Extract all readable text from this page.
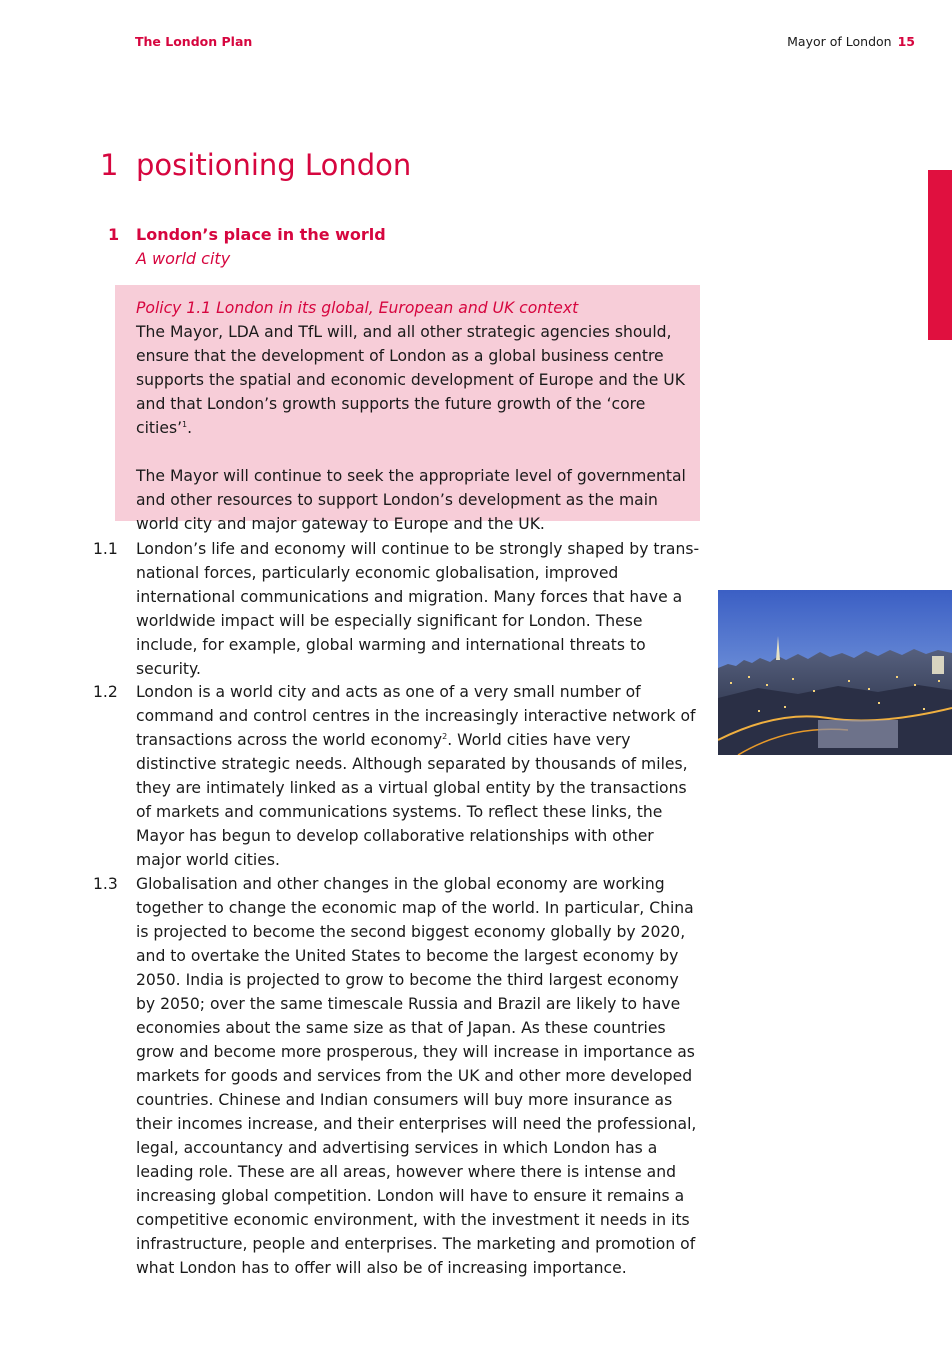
The London Plan	Mayor of London 15
1 positioning London
1 London’s place in the world
A world city

Policy 1.1 London in its global, European and UK context
The Mayor, LDA and TfL will, and all other strategic agencies should, ensure that the development of London as a global business centre supports the spatial and economic development of Europe and the UK and that London’s growth supports the future growth of the ‘core cities’$^1$.

The Mayor will continue to seek the appropriate level of governmental and other resources to support London’s development as the main world city and major gateway to Europe and the UK.

1.1 London’s life and economy will continue to be strongly shaped by trans-national forces, particularly economic globalisation, improved international communications and migration. Many forces that have a worldwide impact will be especially significant for London. These include, for example, global warming and international threats to security.

1.2 London is a world city and acts as one of a very small number of command and control centres in the increasingly interactive network of transactions across the world economy$^2$. World cities have very distinctive strategic needs. Although separated by thousands of miles, they are intimately linked as a virtual global entity by the transactions of markets and communications systems. To reflect these links, the Mayor has begun to develop collaborative relationships with other major world cities.

1.3 Globalisation and other changes in the global economy are working together to change the economic map of the world. In particular, China is projected to become the second biggest economy globally by 2020, and to overtake the United States to become the largest economy by 2050. India is projected to grow to become the third largest economy by 2050; over the same timescale Russia and Brazil are likely to have economies about the same size as that of Japan. As these countries grow and become more prosperous, they will increase in importance as markets for goods and services from the UK and other more developed countries. Chinese and Indian consumers will buy more insurance as their incomes increase, and their enterprises will need the professional, legal, accountancy and advertising services in which London has a leading role. These are all areas, however where there is intense and increasing global competition. London will have to ensure it remains a competitive economic environment, with the investment it needs in its infrastructure, people and enterprises. The marketing and promotion of what London has to offer will also be of increasing importance.
